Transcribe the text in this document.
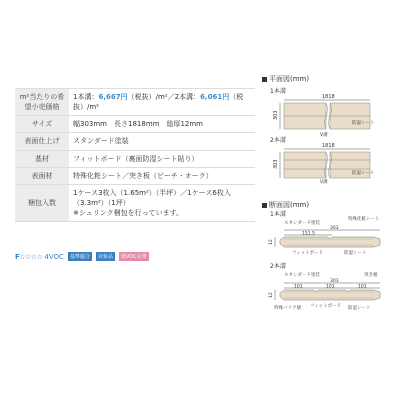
m²当たりの希望小売価格	1本溝：6,667円（税抜）/m²／2本溝：6,061円（税抜）/m²
サイズ	幅303mm　長さ1818mm　総厚12mm
表面仕上げ	スタンダード塗装
基材	フィットボード（裏面防湿シート貼り）
表面材	特殊化粧シート／突き板（ピーチ・オーク）
梱包入数	1ケース3枚入（1.65m²）（半坪）／1ケース6枚入（3.3m²）（1坪）
※シュリンク梱包を行っています。
F☆☆☆☆ 4VOC	基準適合	対象品	低VOC対策
平面図(mm)
1本溝
1818
303
防湿シート
V溝
2本溝
1818
303
防湿シート
V溝
断面図(mm)
1本溝
スタンダード塗装
特殊化粧シート
303
151.5
12
フィットボード	防湿シート
2本溝
スタンダード塗装	突き板
303
101	101	101
12
特殊バリア層 フィットボード 防湿シート
